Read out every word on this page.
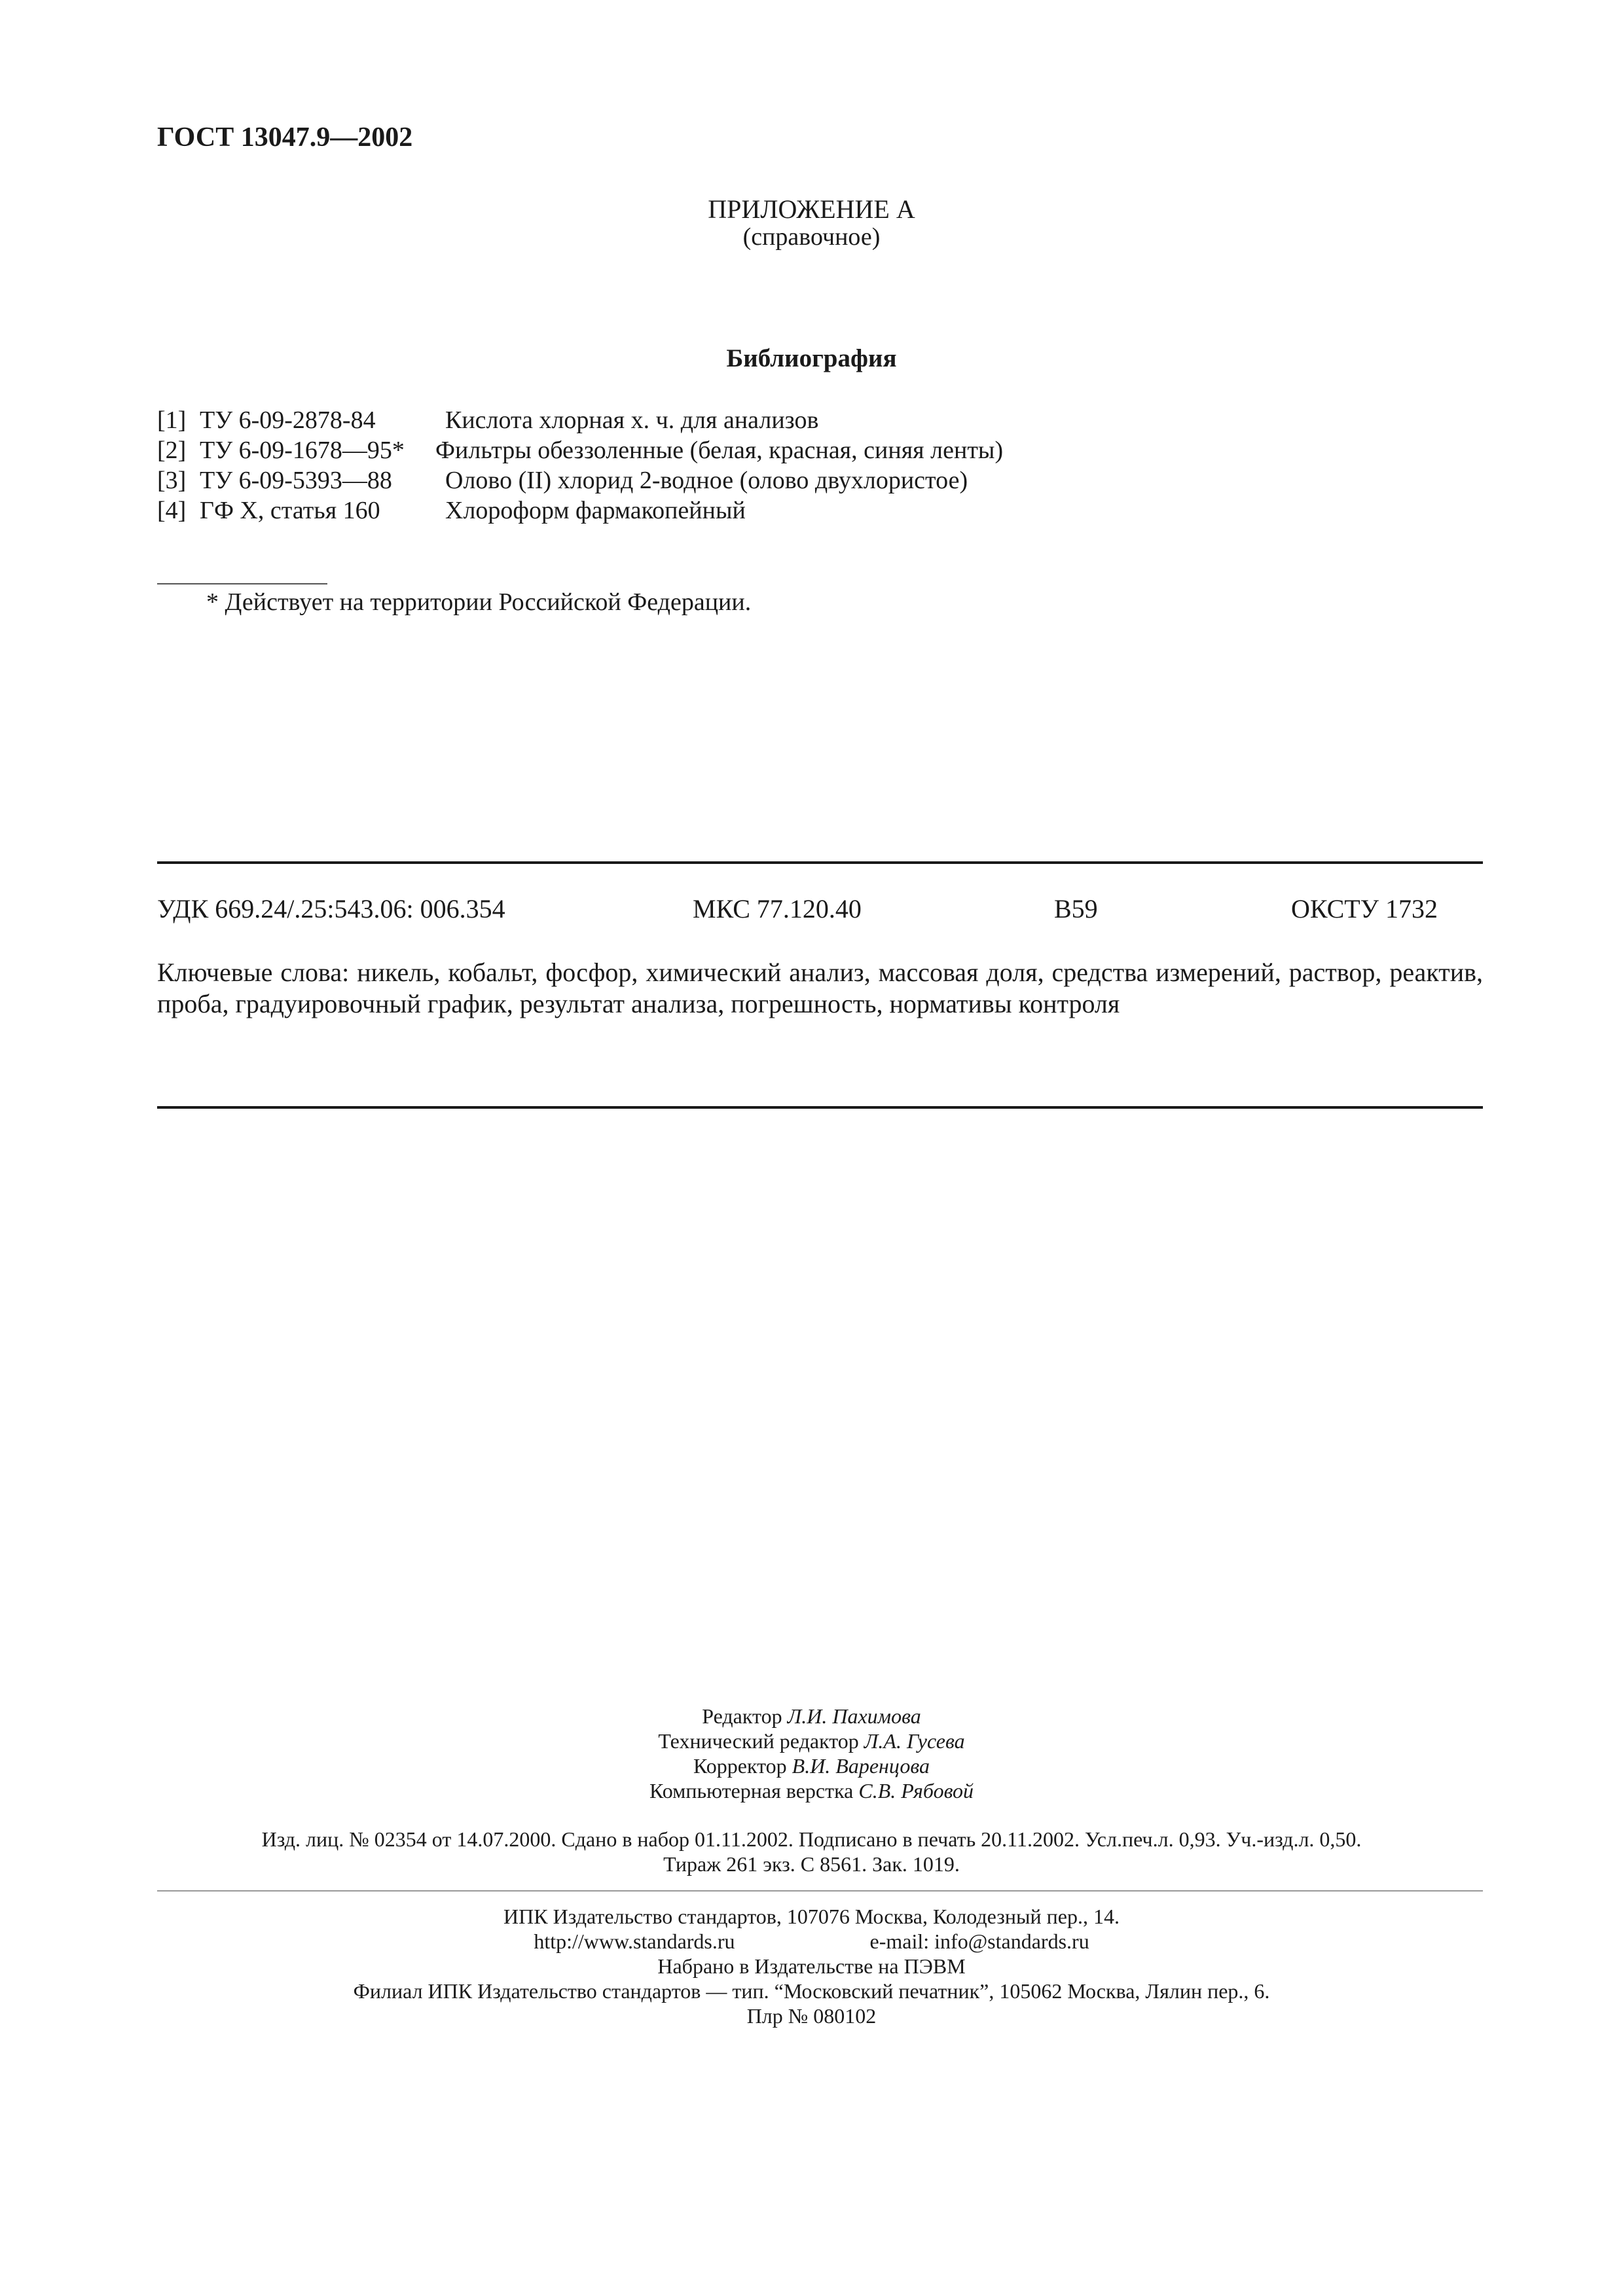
ГОСТ 13047.9—2002
ПРИЛОЖЕНИЕ А
(справочное)
Библиография
[1] ТУ 6-09-2878-84	Кислота хлорная х. ч. для анализов
[2] ТУ 6-09-1678—95* Фильтры обеззоленные (белая, красная, синяя ленты)
[3] ТУ 6-09-5393—88 Олово (II) хлорид 2-водное (олово двухлористое)
[4] ГФ X, статья 160	Хлороформ фармакопейный
* Действует на территории Российской Федерации.
УДК 669.24/.25:543.06: 006.354	МКС 77.120.40	В59	ОКСТУ 1732
Ключевые слова: никель, кобальт, фосфор, химический анализ, массовая доля, средства измерений, раствор, реактив, проба, градуировочный график, результат анализа, погрешность, нормативы контроля
Редактор Л.И. Пахимова
Технический редактор Л.А. Гусева
Корректор В.И. Варенцова
Компьютерная верстка С.В. Рябовой
Изд. лиц. № 02354 от 14.07.2000. Сдано в набор 01.11.2002. Подписано в печать 20.11.2002. Усл.печ.л. 0,93. Уч.-изд.л. 0,50.
Тираж 261 экз. С 8561. Зак. 1019.
ИПК Издательство стандартов, 107076 Москва, Колодезный пер., 14.
http://www.standards.ru	e-mail: info@standards.ru
Набрано в Издательстве на ПЭВМ
Филиал ИПК Издательство стандартов — тип. “Московский печатник”, 105062 Москва, Лялин пер., 6.
Плр № 080102
